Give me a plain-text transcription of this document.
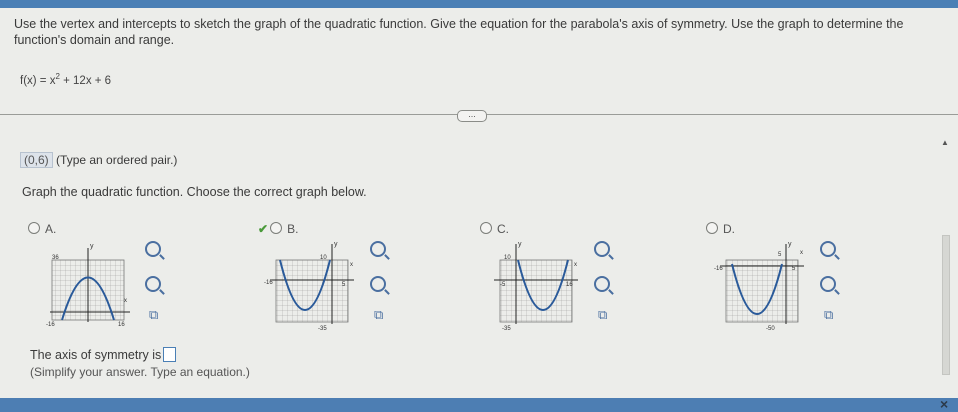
Use the vertex and intercepts to sketch the graph of the quadratic function. Give the equation for the parabola's axis of symmetry. Use the graph to determine the function's domain and range.
$f(x) = x^2 + 12x + 6$
...
(0,6) (Type an ordered pair.)
Graph the quadratic function. Choose the correct graph below.
A.
y
36
x
-16	16
⧉
✔ B.
y
10
x
-16	5
-35
⧉
C.
y
10
x
-5	16
-35
⧉
D.
y
5	x
-16	5
-50
⧉
The axis of symmetry is
(Simplify your answer. Type an equation.)
▲
×
